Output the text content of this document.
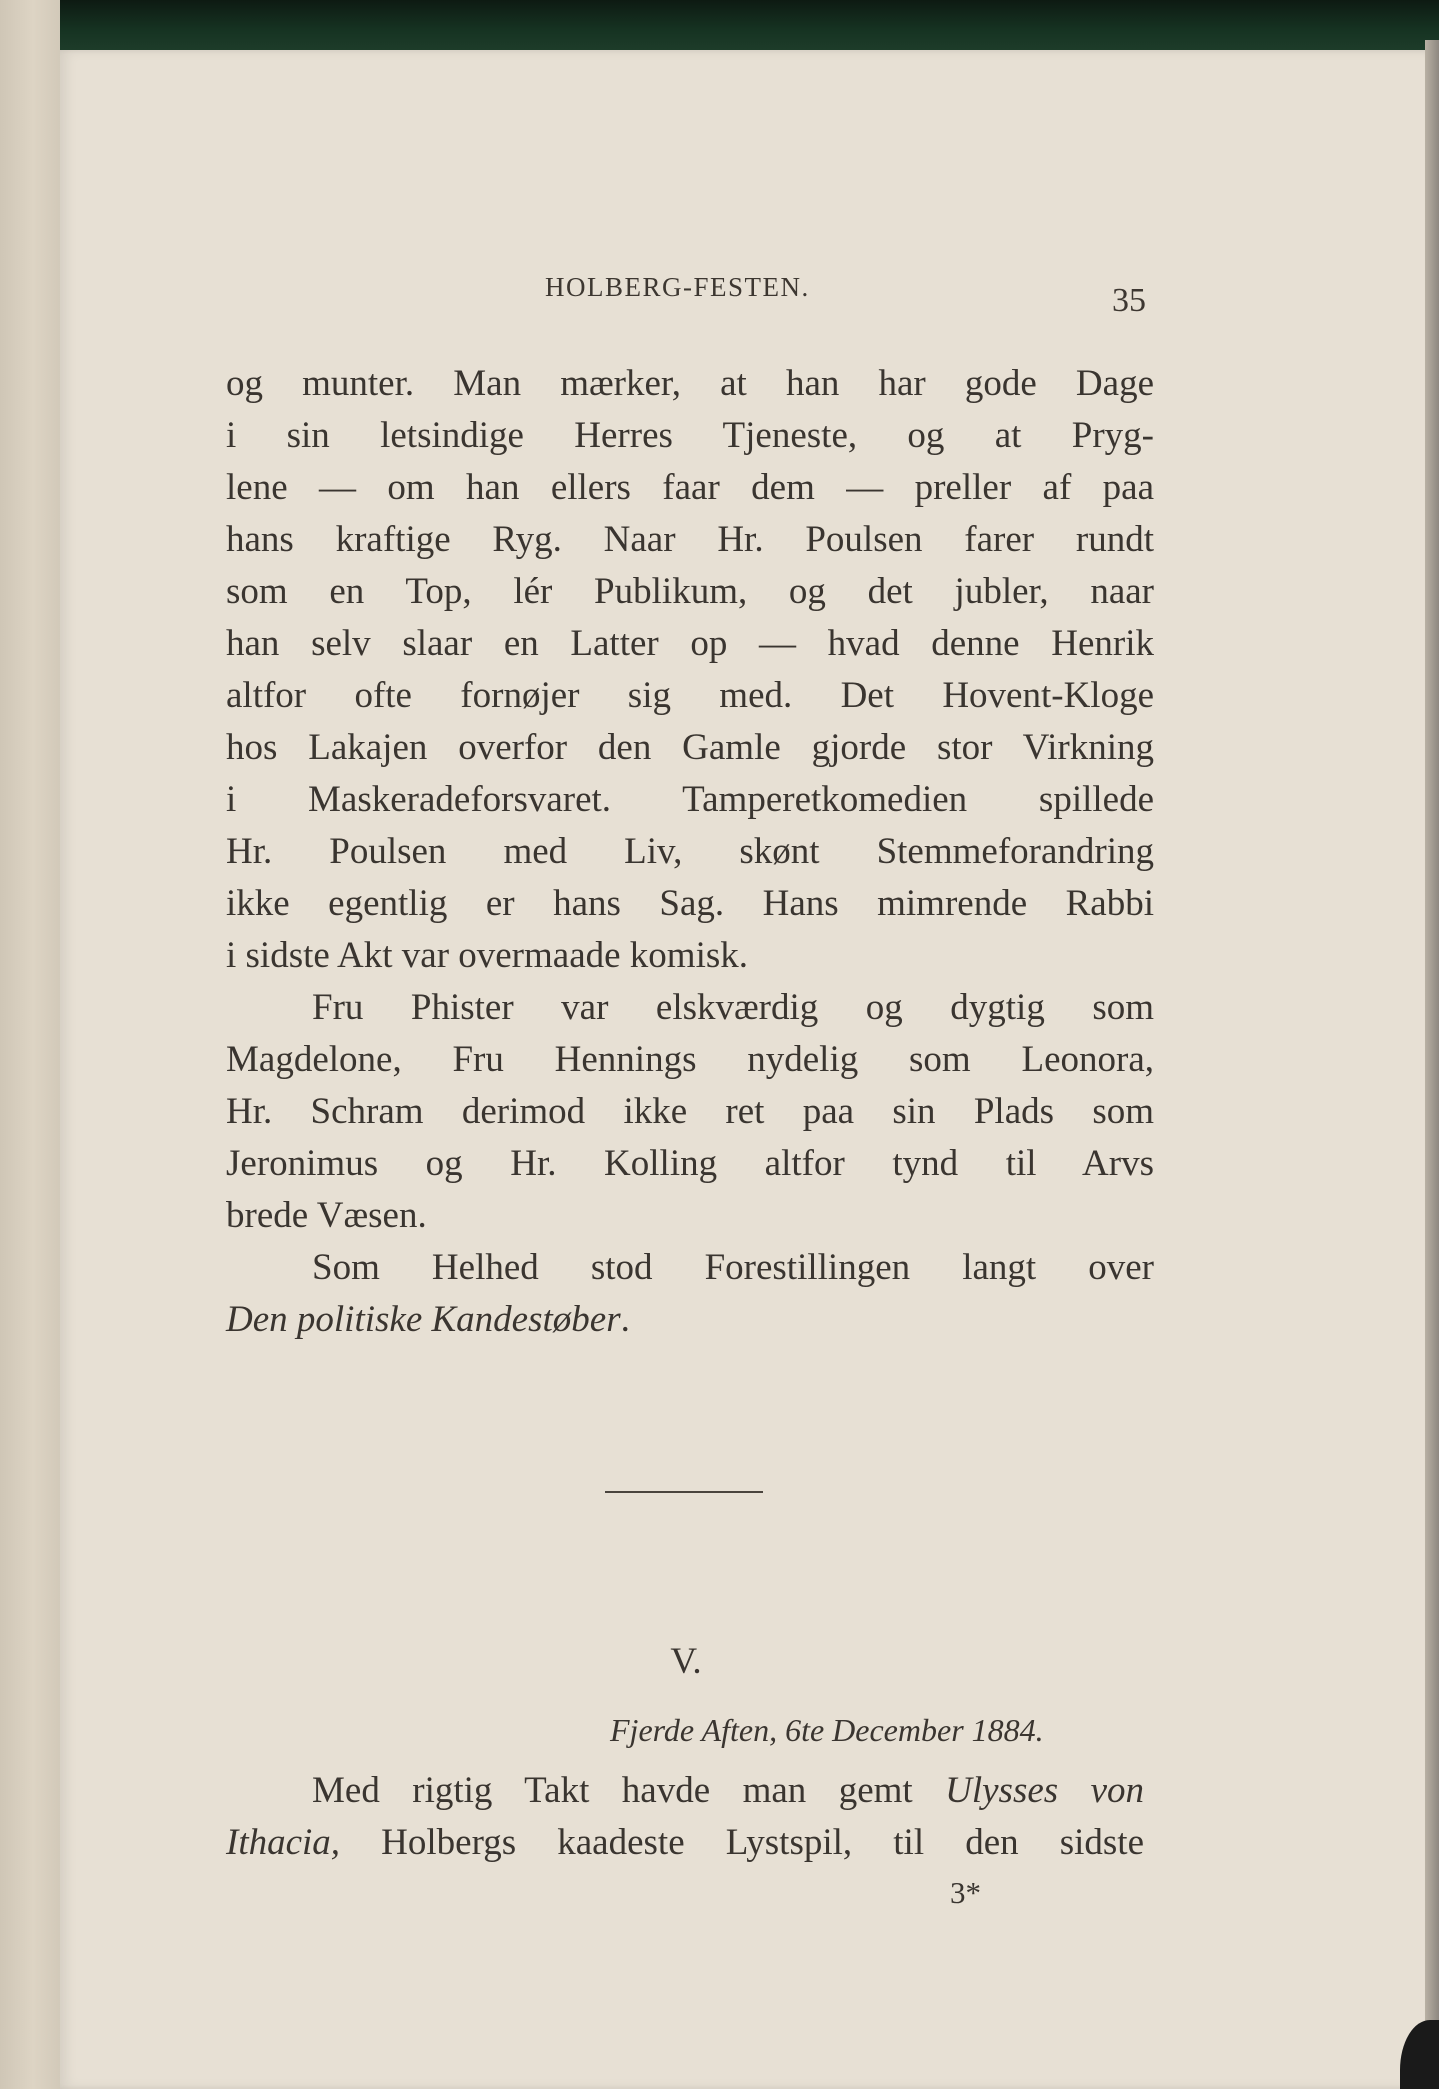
HOLBERG-FESTEN.	35
og munter. Man mærker, at han har gode Dage
i sin letsindige Herres Tjeneste, og at Pryg-
lene — om han ellers faar dem — preller af paa
hans kraftige Ryg. Naar Hr. Poulsen farer rundt
som en Top, lér Publikum, og det jubler, naar
han selv slaar en Latter op — hvad denne Henrik
altfor ofte fornøjer sig med. Det Hovent-Kloge
hos Lakajen overfor den Gamle gjorde stor Virkning
i Maskeradeforsvaret. Tamperetkomedien spillede
Hr. Poulsen med Liv, skønt Stemmeforandring
ikke egentlig er hans Sag. Hans mimrende Rabbi
i sidste Akt var overmaade komisk.
Fru Phister var elskværdig og dygtig som
Magdelone, Fru Hennings nydelig som Leonora,
Hr. Schram derimod ikke ret paa sin Plads som
Jeronimus og Hr. Kolling altfor tynd til Arvs
brede Væsen.
Som Helhed stod Forestillingen langt over
Den politiske Kandestøber.
V.
Fjerde Aften, 6te December 1884.
Med rigtig Takt havde man gemt Ulysses von
Ithacia, Holbergs kaadeste Lystspil, til den sidste
3*
